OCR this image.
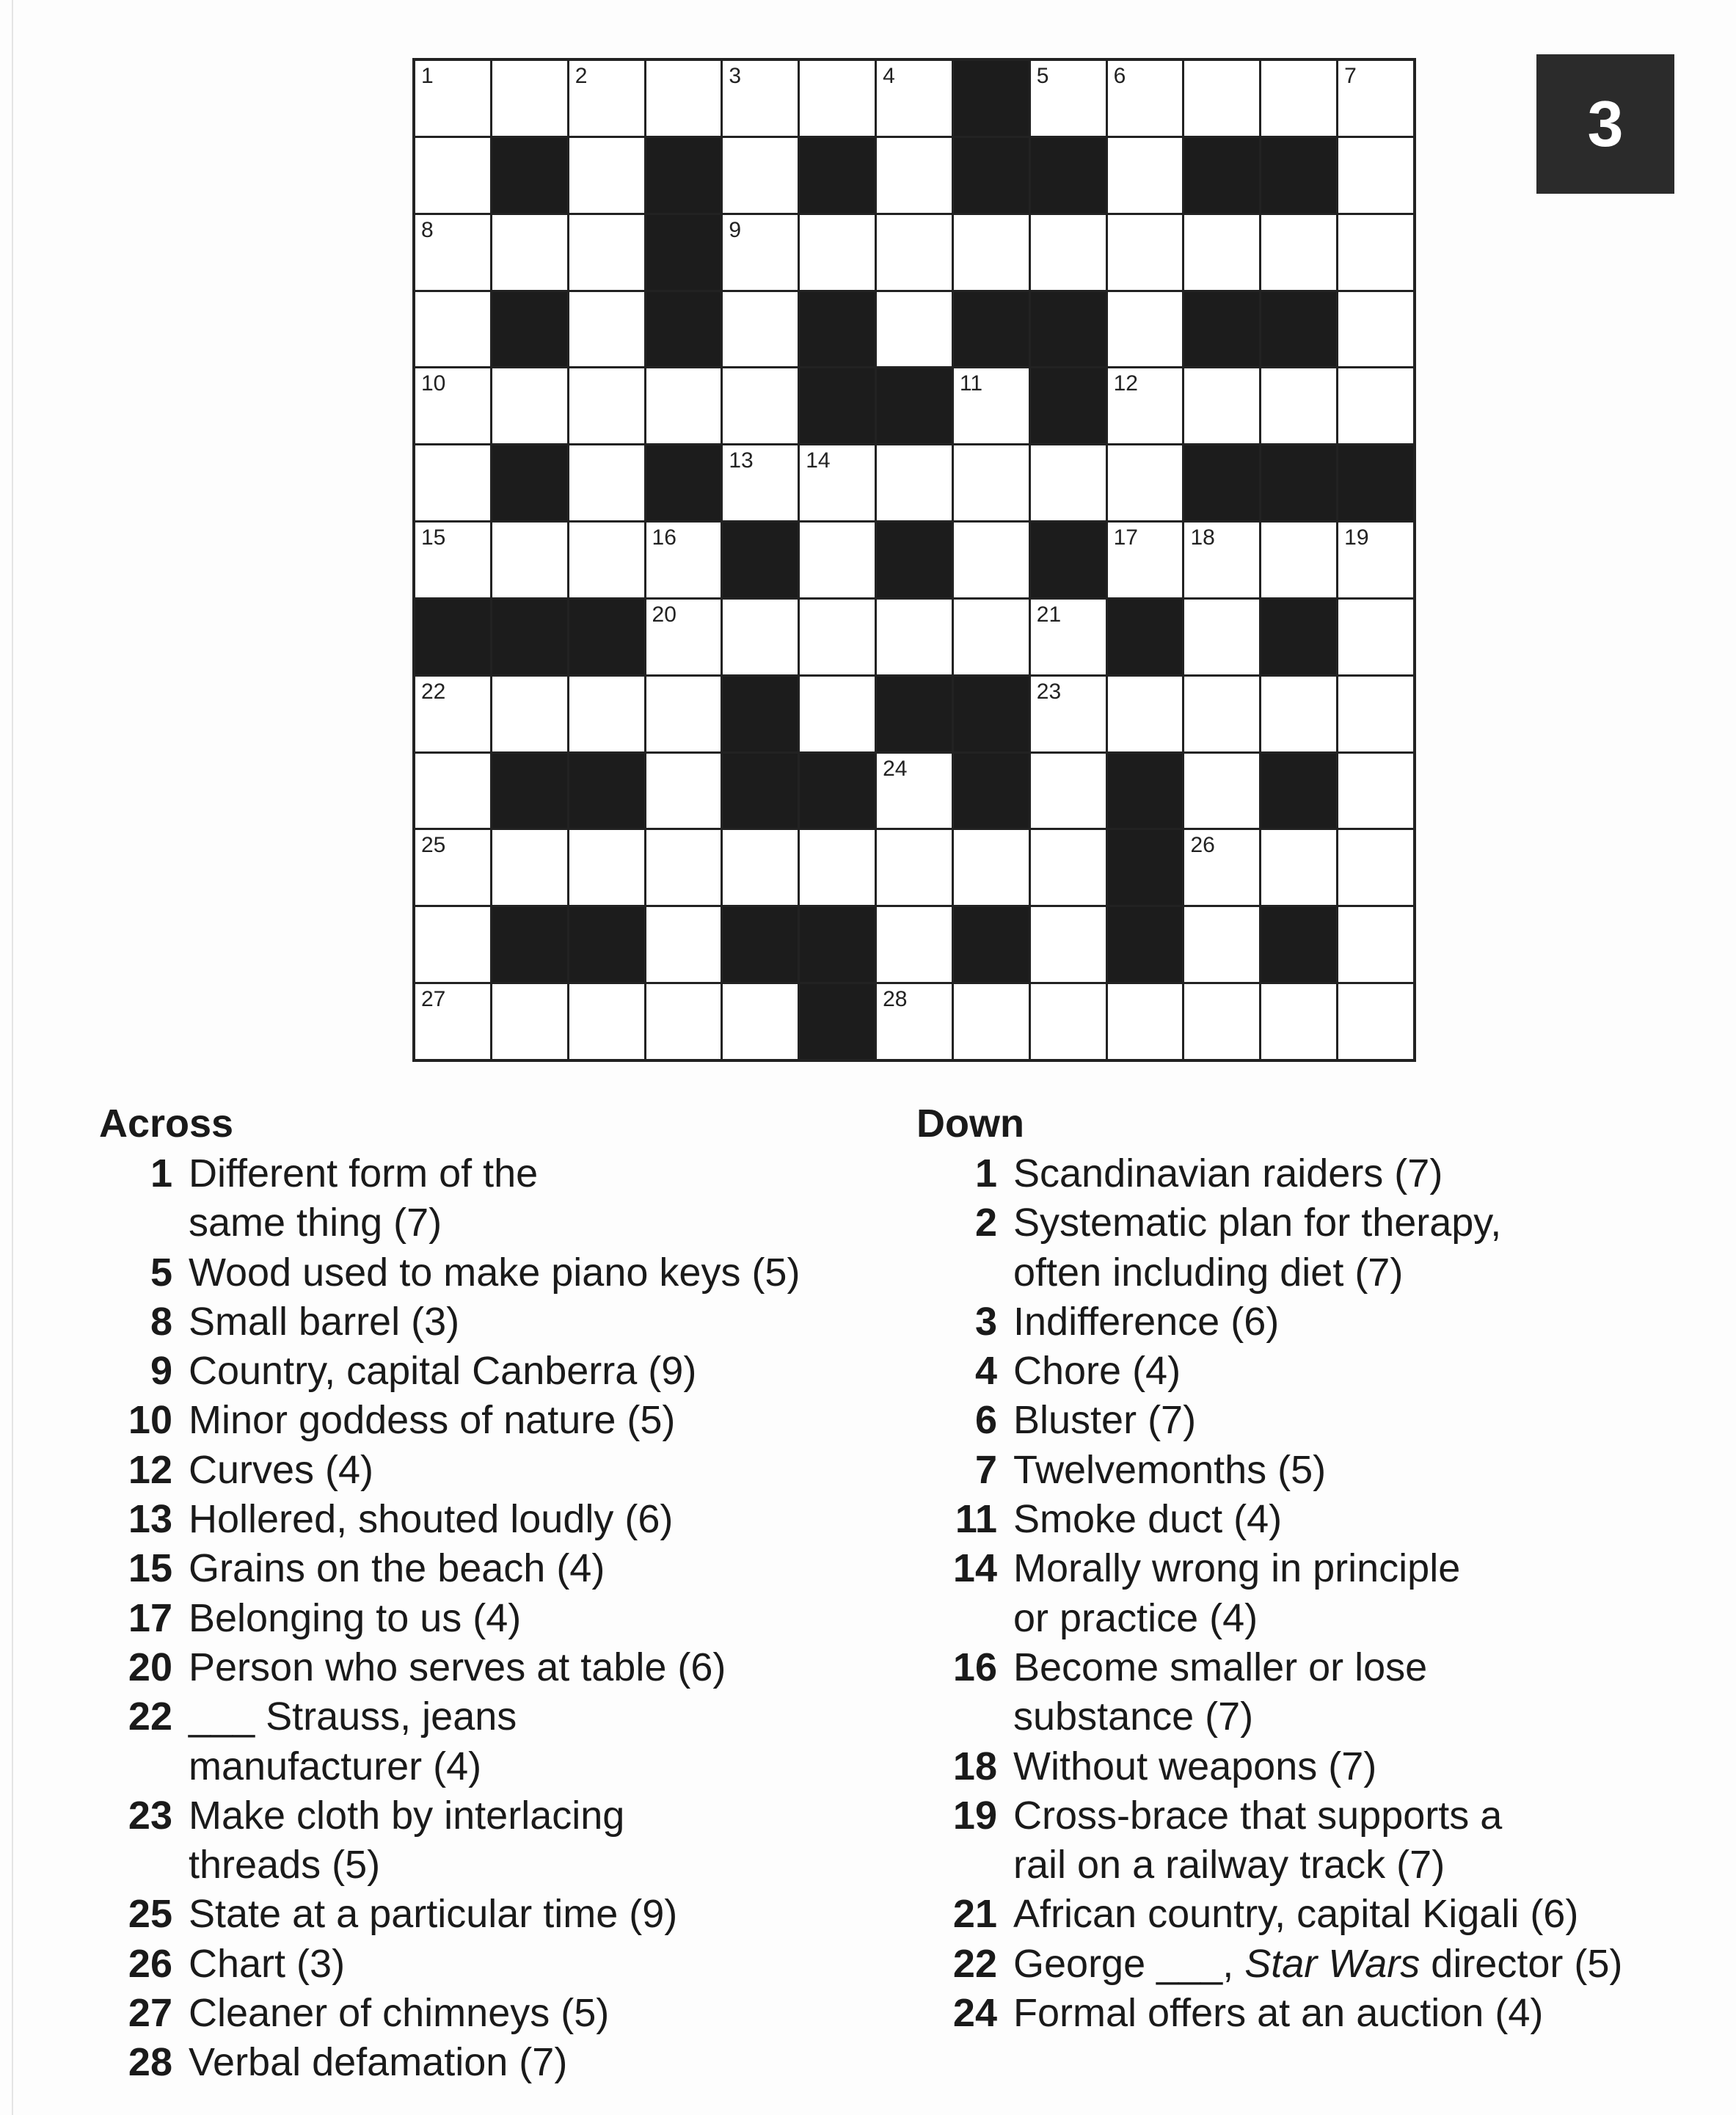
1	2	3	4	5	6	7
8	9
10	11	12
13 14
15	16	17 18	19
20	21
22	23
24
25	26
27	28
3
Across
1 Different form of the
same thing (7)
5 Wood used to make piano keys (5)
8 Small barrel (3)
9 Country, capital Canberra (9)
10 Minor goddess of nature (5)
12 Curves (4)
13 Hollered, shouted loudly (6)
15 Grains on the beach (4)
17 Belonging to us (4)
20 Person who serves at table (6)
22 ___ Strauss, jeans
manufacturer (4)
23 Make cloth by interlacing
threads (5)
25 State at a particular time (9)
26 Chart (3)
27 Cleaner of chimneys (5)
28 Verbal defamation (7)
Down
1 Scandinavian raiders (7)
2 Systematic plan for therapy,
often including diet (7)
3 Indifference (6)
4 Chore (4)
6 Bluster (7)
7 Twelvemonths (5)
11 Smoke duct (4)
14 Morally wrong in principle
or practice (4)
16 Become smaller or lose
substance (7)
18 Without weapons (7)
19 Cross-brace that supports a
rail on a railway track (7)
21 African country, capital Kigali (6)
22 George ___, Star Wars director (5)
24 Formal offers at an auction (4)
